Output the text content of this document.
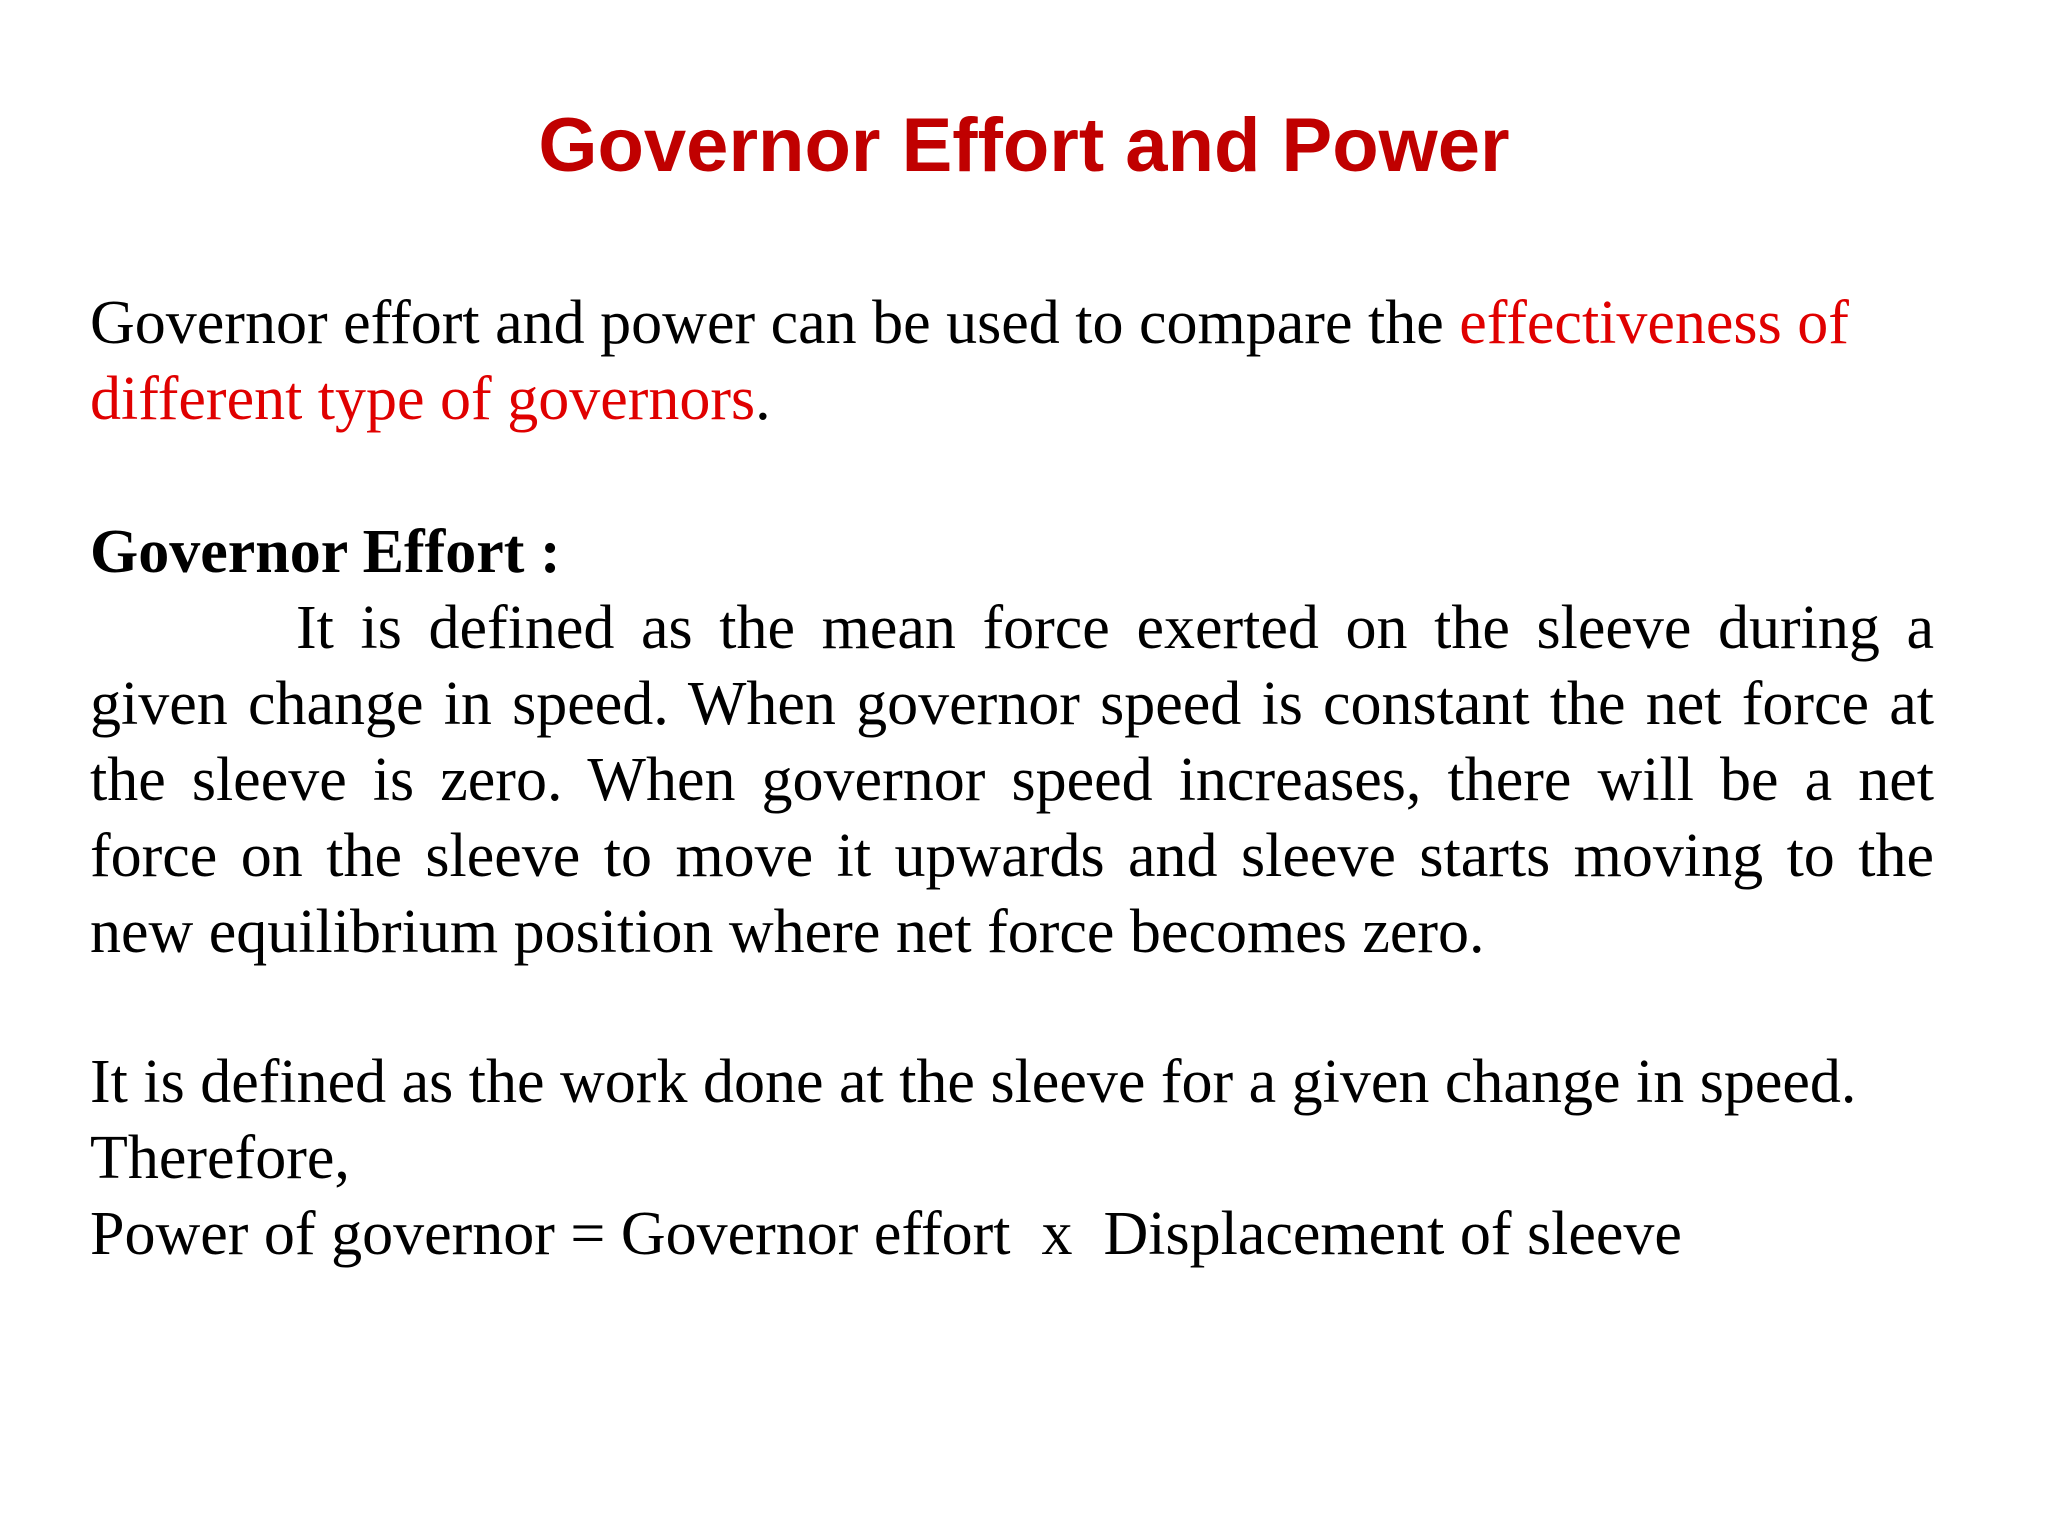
Governor Effort and Power

Governor effort and power can be used to compare the effectiveness of different type of governors.

Governor Effort :

It is defined as the mean force exerted on the sleeve during a given change in speed. When governor speed is constant the net force at the sleeve is zero. When governor speed increases, there will be a net force on the sleeve to move it upwards and sleeve starts moving to the new equilibrium position where net force becomes zero.

It is defined as the work done at the sleeve for a given change in speed.
Therefore,
Power of governor = Governor effort  x  Displacement of sleeve
